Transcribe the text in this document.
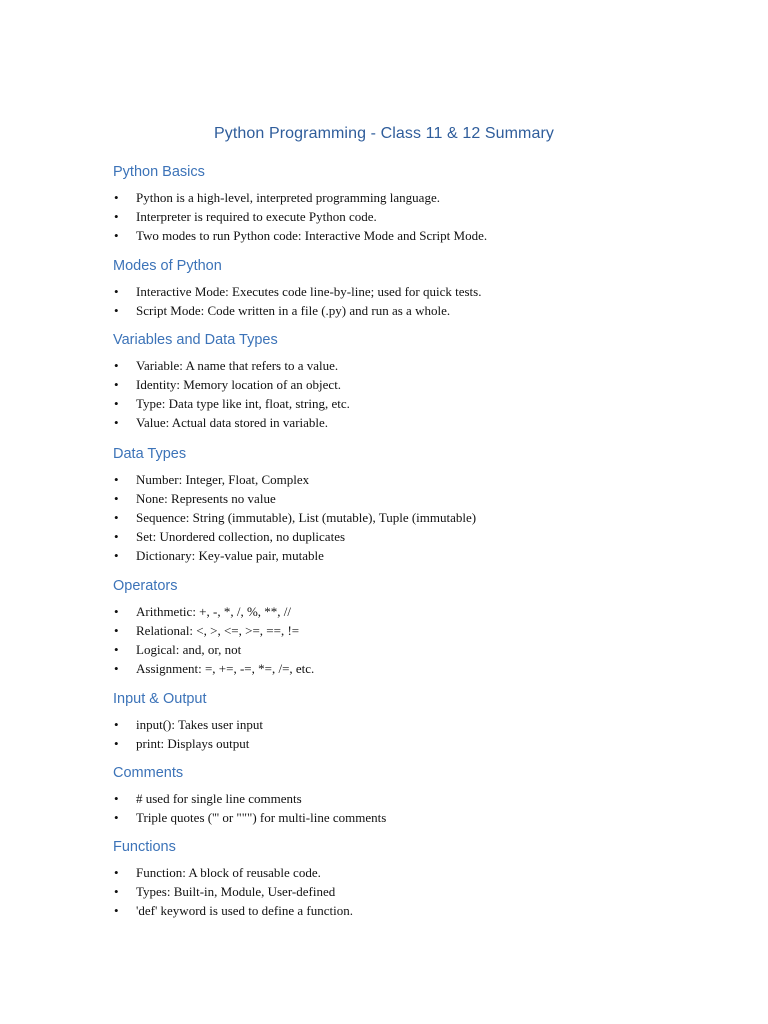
Python Programming - Class 11 & 12 Summary
Python Basics
• Python is a high-level, interpreted programming language.
• Interpreter is required to execute Python code.
• Two modes to run Python code: Interactive Mode and Script Mode.
Modes of Python
• Interactive Mode: Executes code line-by-line; used for quick tests.
• Script Mode: Code written in a file (.py) and run as a whole.
Variables and Data Types
• Variable: A name that refers to a value.
• Identity: Memory location of an object.
• Type: Data type like int, float, string, etc.
• Value: Actual data stored in variable.
Data Types
• Number: Integer, Float, Complex
• None: Represents no value
• Sequence: String (immutable), List (mutable), Tuple (immutable)
• Set: Unordered collection, no duplicates
• Dictionary: Key-value pair, mutable
Operators
• Arithmetic: +, -, *, /, %, **, //
• Relational: <, >, <=, >=, ==, !=
• Logical: and, or, not
• Assignment: =, +=, -=, *=, /=, etc.
Input & Output
• input(): Takes user input
• print: Displays output
Comments
• # used for single line comments
• Triple quotes (''' or """) for multi-line comments
Functions
• Function: A block of reusable code.
• Types: Built-in, Module, User-defined
• 'def' keyword is used to define a function.
